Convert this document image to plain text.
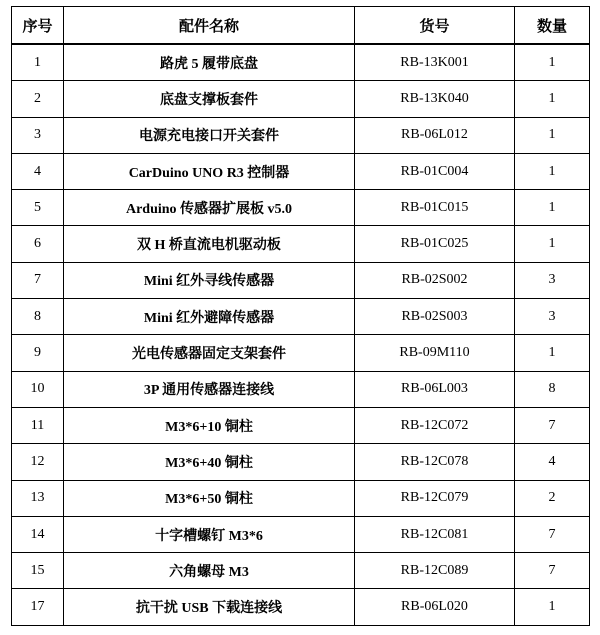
序号	配件名称	货号	数量
1	路虎 5 履带底盘	RB-13K001	1
2	底盘支撑板套件	RB-13K040	1
3	电源充电接口开关套件	RB-06L012	1
4	CarDuino UNO R3 控制器	RB-01C004	1
5	Arduino 传感器扩展板 v5.0	RB-01C015	1
6	双 H 桥直流电机驱动板	RB-01C025	1
7	Mini 红外寻线传感器	RB-02S002	3
8	Mini 红外避障传感器	RB-02S003	3
9	光电传感器固定支架套件	RB-09M110	1
10	3P 通用传感器连接线	RB-06L003	8
11	M3*6+10 铜柱	RB-12C072	7
12	M3*6+40 铜柱	RB-12C078	4
13	M3*6+50 铜柱	RB-12C079	2
14	十字槽螺钉 M3*6	RB-12C081	7
15	六角螺母 M3	RB-12C089	7
17	抗干扰 USB 下载连接线	RB-06L020	1
